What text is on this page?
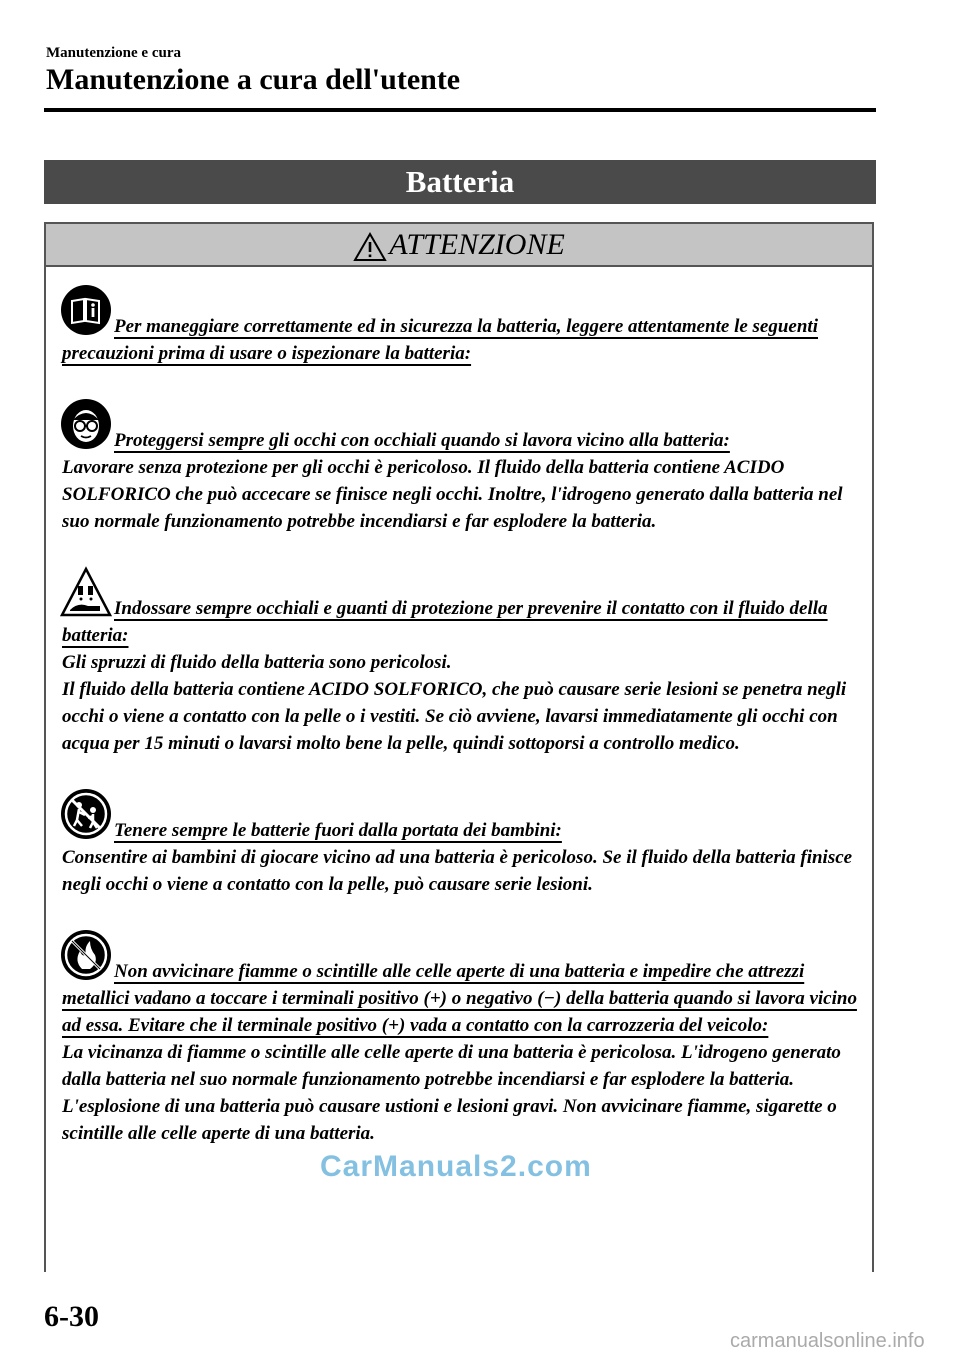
Manutenzione e cura
Manutenzione a cura dell'utente
Batteria
ATTENZIONE
Per maneggiare correttamente ed in sicurezza la batteria, leggere attentamente le seguenti precauzioni prima di usare o ispezionare la batteria:
Proteggersi sempre gli occhi con occhiali quando si lavora vicino alla batteria:

Lavorare senza protezione per gli occhi è pericoloso. Il fluido della batteria contiene ACIDO SOLFORICO che può accecare se finisce negli occhi. Inoltre, l'idrogeno generato dalla batteria nel suo normale funzionamento potrebbe incendiarsi e far esplodere la batteria.

Indossare sempre occhiali e guanti di protezione per prevenire il contatto con il fluido della batteria:

Gli spruzzi di fluido della batteria sono pericolosi.

Il fluido della batteria contiene ACIDO SOLFORICO, che può causare serie lesioni se penetra negli occhi o viene a contatto con la pelle o i vestiti. Se ciò avviene, lavarsi immediatamente gli occhi con acqua per 15 minuti o lavarsi molto bene la pelle, quindi sottoporsi a controllo medico.

Tenere sempre le batterie fuori dalla portata dei bambini:

Consentire ai bambini di giocare vicino ad una batteria è pericoloso. Se il fluido della batteria finisce negli occhi o viene a contatto con la pelle, può causare serie lesioni.

Non avvicinare fiamme o scintille alle celle aperte di una batteria e impedire che attrezzi metallici vadano a toccare i terminali positivo (+) o negativo (−) della batteria quando si lavora vicino ad essa. Evitare che il terminale positivo (+) vada a contatto con la carrozzeria del veicolo:

La vicinanza di fiamme o scintille alle celle aperte di una batteria è pericolosa. L'idrogeno generato dalla batteria nel suo normale funzionamento potrebbe incendiarsi e far esplodere la batteria. L'esplosione di una batteria può causare ustioni e lesioni gravi. Non avvicinare fiamme, sigarette o scintille alle celle aperte di una batteria.

CarManuals2.com
6-30
carmanualsonline.info
